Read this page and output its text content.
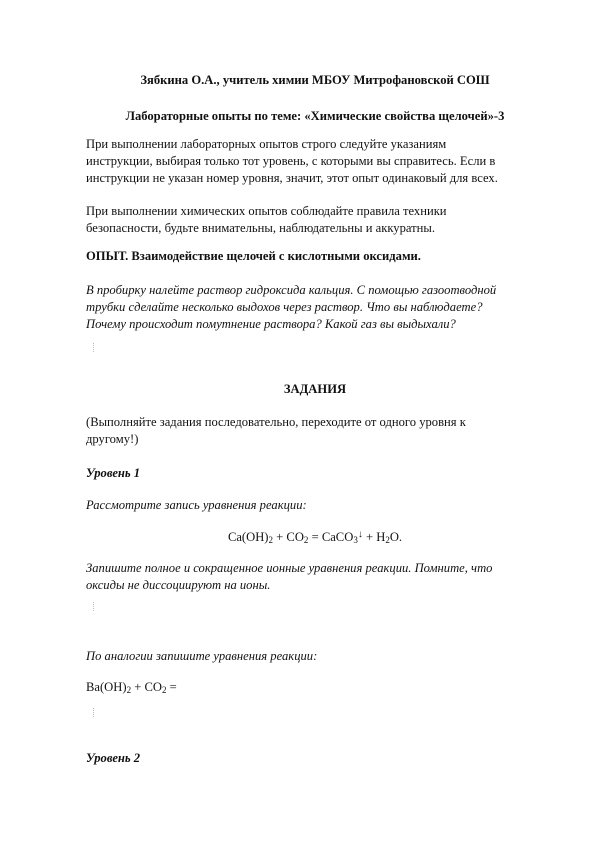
Зябкина О.А., учитель химии МБОУ Митрофановской СОШ
Лабораторные опыты по теме: «Химические свойства щелочей»-3
При выполнении лабораторных опытов строго следуйте указаниям
инструкции, выбирая только тот уровень, с которыми вы справитесь. Если в
инструкции не указан номер уровня, значит, этот опыт одинаковый для всех.
При выполнении химических опытов соблюдайте правила техники
безопасности, будьте внимательны, наблюдательны и аккуратны.
ОПЫТ. Взаимодействие щелочей с кислотными оксидами.
В пробирку налейте раствор гидроксида кальция. С помощью газоотводной
трубки сделайте несколько выдохов через раствор. Что вы наблюдаете?
Почему происходит помутнение раствора? Какой газ вы выдыхали?
ЗАДАНИЯ
(Выполняйте задания последовательно, переходите от одного уровня к
другому!)
Уровень 1
Рассмотрите запись уравнения реакции:
$Ca(OH)_2 + CO_2$ = CaCO$_3$↓ + $H_2O$.
Запишите полное и сокращенное ионные уравнения реакции. Помните, что
оксиды не диссоциируют на ионы.
По аналогии запишите уравнения реакции:
$Ba(OH)_2 + CO_2$ =
Уровень 2
